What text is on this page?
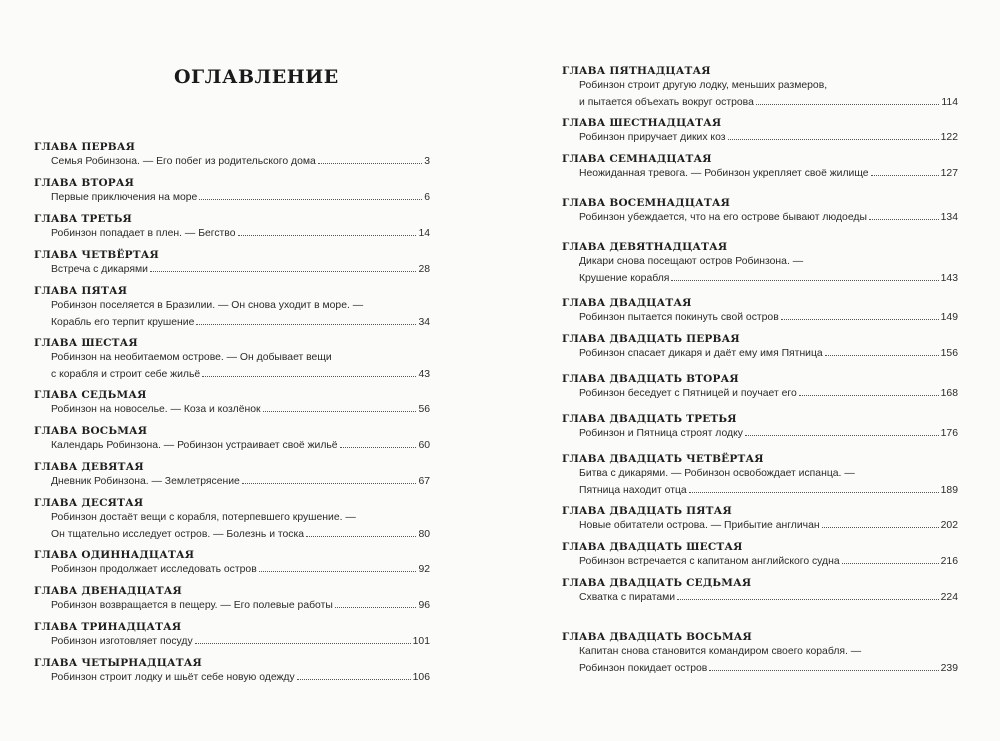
ОГЛАВЛЕНИЕ
ГЛАВА ПЕРВАЯ
Семья Робинзона. — Его побег из родительского дома	3
ГЛАВА ВТОРАЯ
Первые приключения на море	6
ГЛАВА ТРЕТЬЯ
Робинзон попадает в плен. — Бегство	14
ГЛАВА ЧЕТВЁРТАЯ
Встреча с дикарями	28
ГЛАВА ПЯТАЯ
Робинзон поселяется в Бразилии. — Он снова уходит в море. —
Корабль его терпит крушение	34
ГЛАВА ШЕСТАЯ
Робинзон на необитаемом острове. — Он добывает вещи
с корабля и строит себе жильё	43
ГЛАВА СЕДЬМАЯ
Робинзон на новоселье. — Коза и козлёнок	56
ГЛАВА ВОСЬМАЯ
Календарь Робинзона. — Робинзон устраивает своё жильё	60
ГЛАВА ДЕВЯТАЯ
Дневник Робинзона. — Землетрясение	67
ГЛАВА ДЕСЯТАЯ
Робинзон достаёт вещи с корабля, потерпевшего крушение. —
Он тщательно исследует остров. — Болезнь и тоска	80
ГЛАВА ОДИННАДЦАТАЯ
Робинзон продолжает исследовать остров	92
ГЛАВА ДВЕНАДЦАТАЯ
Робинзон возвращается в пещеру. — Его полевые работы	96
ГЛАВА ТРИНАДЦАТАЯ
Робинзон изготовляет посуду	101
ГЛАВА ЧЕТЫРНАДЦАТАЯ
Робинзон строит лодку и шьёт себе новую одежду	106
ГЛАВА ПЯТНАДЦАТАЯ
Робинзон строит другую лодку, меньших размеров,
и пытается объехать вокруг острова	114
ГЛАВА ШЕСТНАДЦАТАЯ
Робинзон приручает диких коз	122
ГЛАВА СЕМНАДЦАТАЯ
Неожиданная тревога. — Робинзон укрепляет своё жилище	127
ГЛАВА ВОСЕМНАДЦАТАЯ
Робинзон убеждается, что на его острове бывают людоеды	134
ГЛАВА ДЕВЯТНАДЦАТАЯ
Дикари снова посещают остров Робинзона. —
Крушение корабля	143
ГЛАВА ДВАДЦАТАЯ
Робинзон пытается покинуть свой остров	149
ГЛАВА ДВАДЦАТЬ ПЕРВАЯ
Робинзон спасает дикаря и даёт ему имя Пятница	156
ГЛАВА ДВАДЦАТЬ ВТОРАЯ
Робинзон беседует с Пятницей и поучает его	168
ГЛАВА ДВАДЦАТЬ ТРЕТЬЯ
Робинзон и Пятница строят лодку	176
ГЛАВА ДВАДЦАТЬ ЧЕТВЁРТАЯ
Битва с дикарями. — Робинзон освобождает испанца. —
Пятница находит отца	189
ГЛАВА ДВАДЦАТЬ ПЯТАЯ
Новые обитатели острова. — Прибытие англичан	202
ГЛАВА ДВАДЦАТЬ ШЕСТАЯ
Робинзон встречается с капитаном английского судна	216
ГЛАВА ДВАДЦАТЬ СЕДЬМАЯ
Схватка с пиратами	224
ГЛАВА ДВАДЦАТЬ ВОСЬМАЯ
Капитан снова становится командиром своего корабля. —
Робинзон покидает остров	239
